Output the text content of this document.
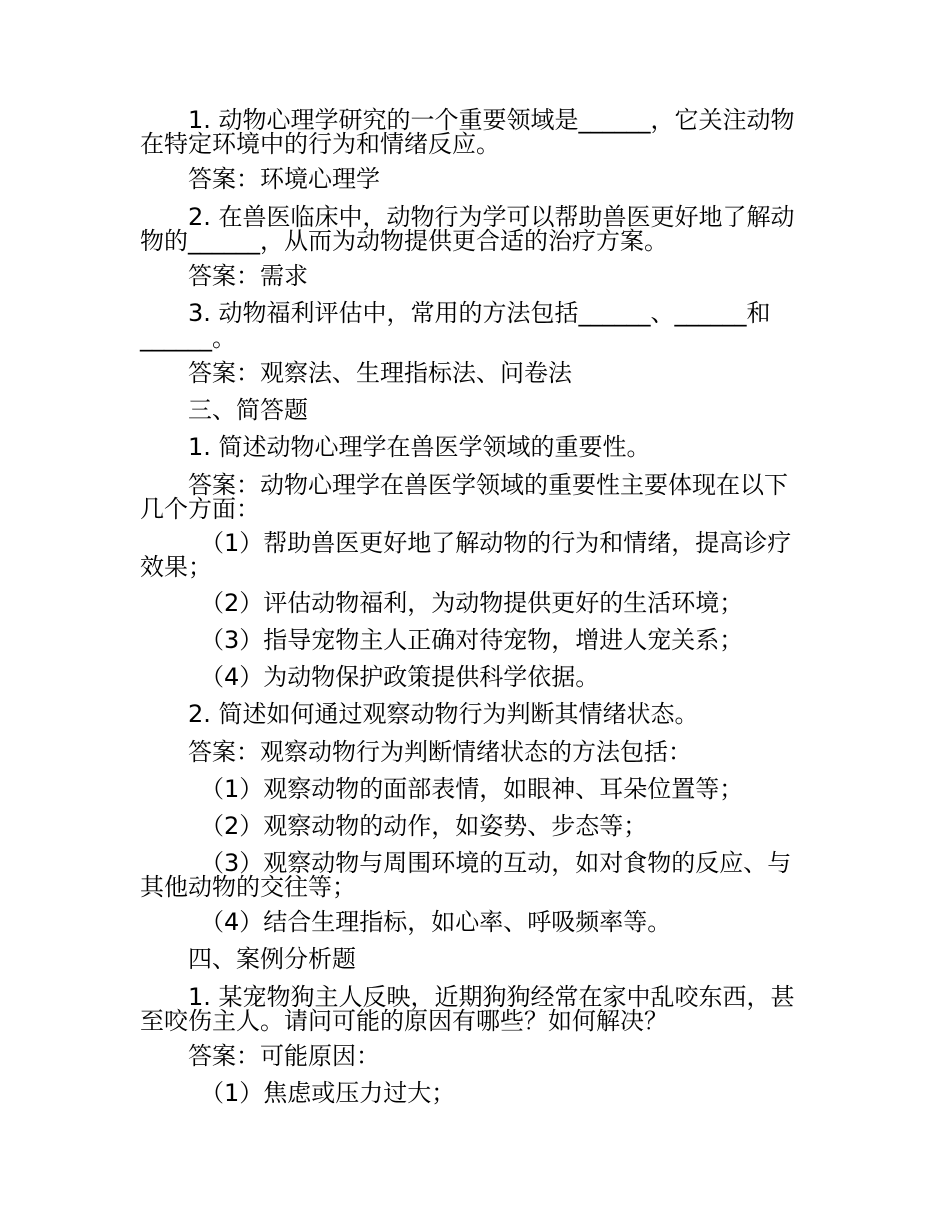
1. 动物心理学研究的一个重要领域是______，它关注动物
在特定环境中的行为和情绪反应。
答案：环境心理学
2. 在兽医临床中，动物行为学可以帮助兽医更好地了解动
物的______，从而为动物提供更合适的治疗方案。
答案：需求
3. 动物福利评估中，常用的方法包括______、______和
______。
答案：观察法、生理指标法、问卷法
三、简答题
1. 简述动物心理学在兽医学领域的重要性。
答案：动物心理学在兽医学领域的重要性主要体现在以下
几个方面：
（1）帮助兽医更好地了解动物的行为和情绪，提高诊疗
效果；
（2）评估动物福利，为动物提供更好的生活环境；
（3）指导宠物主人正确对待宠物，增进人宠关系；
（4）为动物保护政策提供科学依据。
2. 简述如何通过观察动物行为判断其情绪状态。
答案：观察动物行为判断情绪状态的方法包括：
（1）观察动物的面部表情，如眼神、耳朵位置等；
（2）观察动物的动作，如姿势、步态等；
（3）观察动物与周围环境的互动，如对食物的反应、与
其他动物的交往等；
（4）结合生理指标，如心率、呼吸频率等。
四、案例分析题
1. 某宠物狗主人反映，近期狗狗经常在家中乱咬东西，甚
至咬伤主人。请问可能的原因有哪些？如何解决？
答案：可能原因：
（1）焦虑或压力过大；
